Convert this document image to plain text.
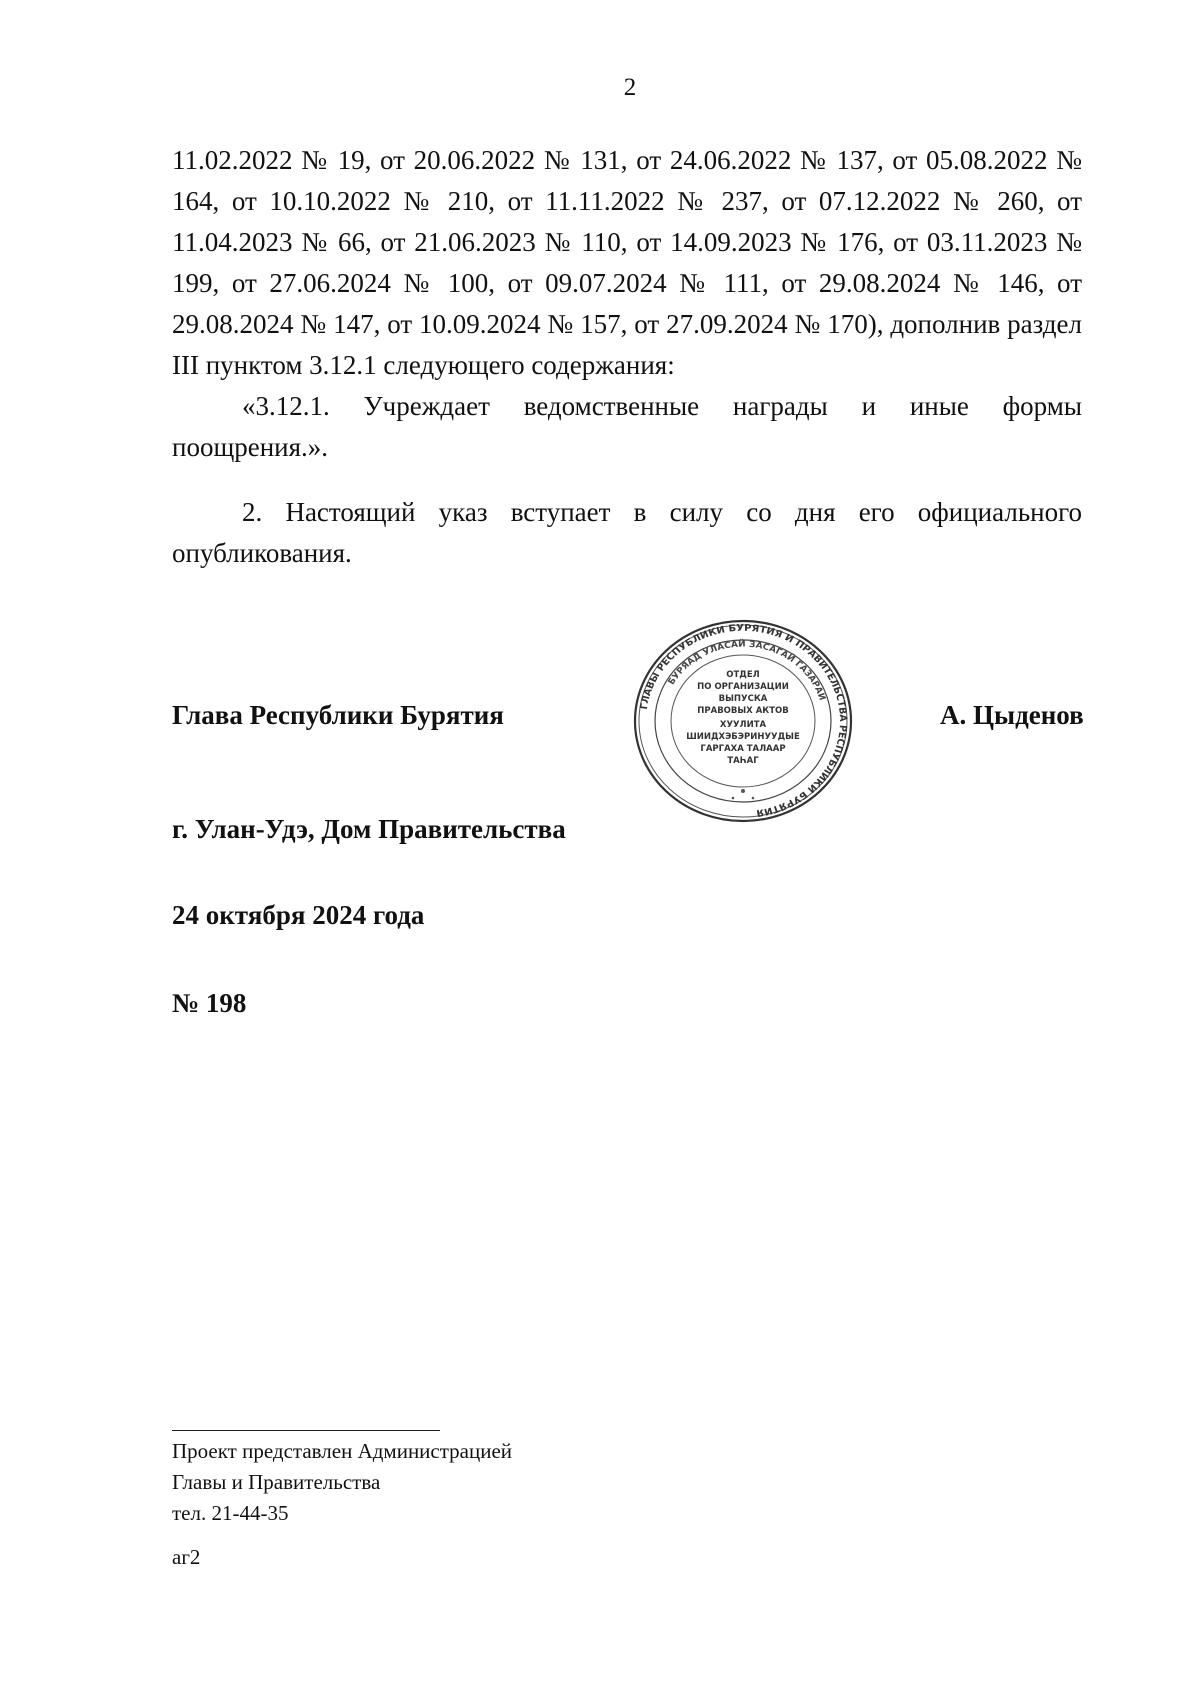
2

11.02.2022 № 19, от 20.06.2022 № 131, от 24.06.2022 № 137, от 05.08.2022 № 164, от 10.10.2022 № 210, от 11.11.2022 № 237, от 07.12.2022 № 260, от 11.04.2023 № 66, от 21.06.2023 № 110, от 14.09.2023 № 176, от 03.11.2023 № 199, от 27.06.2024 № 100, от 09.07.2024 № 111, от 29.08.2024 № 146, от 29.08.2024 № 147, от 10.09.2024 № 157, от 27.09.2024 № 170), дополнив раздел III пунктом 3.12.1 следующего содержания:

«3.12.1. Учреждает ведомственные награды и иные формы поощрения.».

2. Настоящий указ вступает в силу со дня его официального опубликования.

Глава Республики Бурятия	А. Цыденов
ГЛАВЫ РЕСПУБЛИКИ БУРЯТИЯ И ПРАВИТЕЛЬСТВА РЕСПУБЛИКИ БУРЯТИЯ
БУРЯАД УЛАСАЙ ЗАСАГАЙ ГАЗАРАЙ
ОТДЕЛ
ПО ОРГАНИЗАЦИИ
ВЫПУСКА
ПРАВОВЫХ АКТОВ
ХУУЛИТА
ШИИДХЭБЭРИНУУДЫЕ
ГАРГАХА ТАЛААР
ТАҺАГ
г. Улан-Удэ, Дом Правительства
24 октября 2024 года
№ 198
Проект представлен Администрацией
Главы и Правительства
тел. 21-44-35
аг2
